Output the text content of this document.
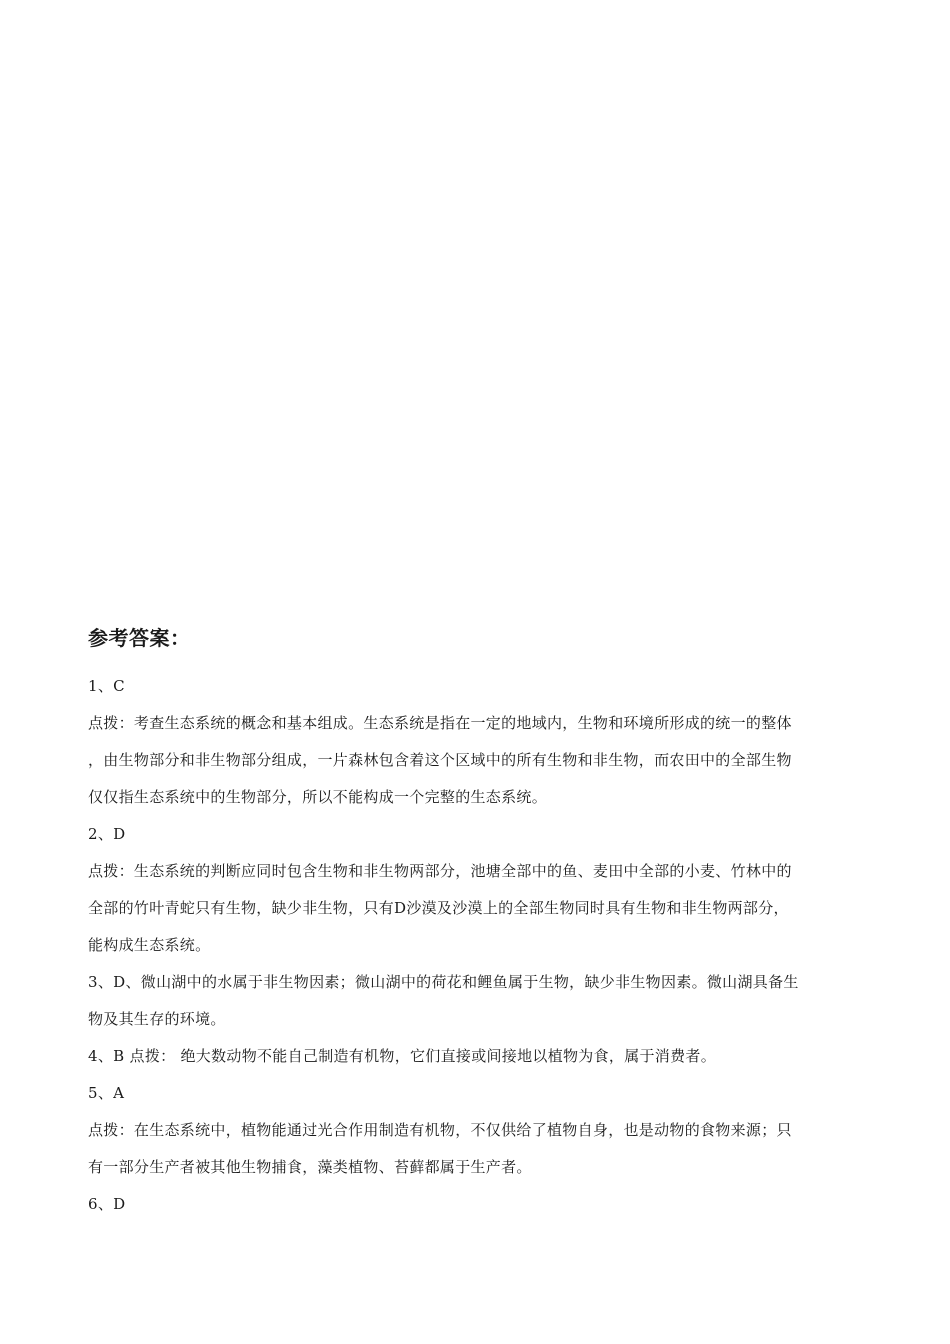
参考答案：
1、C
点拨：考查生态系统的概念和基本组成。生态系统是指在一定的地域内，生物和环境所形成的统一的整体
，由生物部分和非生物部分组成，一片森林包含着这个区域中的所有生物和非生物，而农田中的全部生物
仅仅指生态系统中的生物部分，所以不能构成一个完整的生态系统。
2、D
点拨：生态系统的判断应同时包含生物和非生物两部分，池塘全部中的鱼、麦田中全部的小麦、竹林中的
全部的竹叶青蛇只有生物，缺少非生物，只有D沙漠及沙漠上的全部生物同时具有生物和非生物两部分，
能构成生态系统。
3、D、微山湖中的水属于非生物因素；微山湖中的荷花和鲤鱼属于生物，缺少非生物因素。微山湖具备生
物及其生存的环境。
4、B 点拨： 绝大数动物不能自己制造有机物，它们直接或间接地以植物为食，属于消费者。
5、A
点拨：在生态系统中，植物能通过光合作用制造有机物，不仅供给了植物自身，也是动物的食物来源；只
有一部分生产者被其他生物捕食，藻类植物、苔藓都属于生产者。
6、D
